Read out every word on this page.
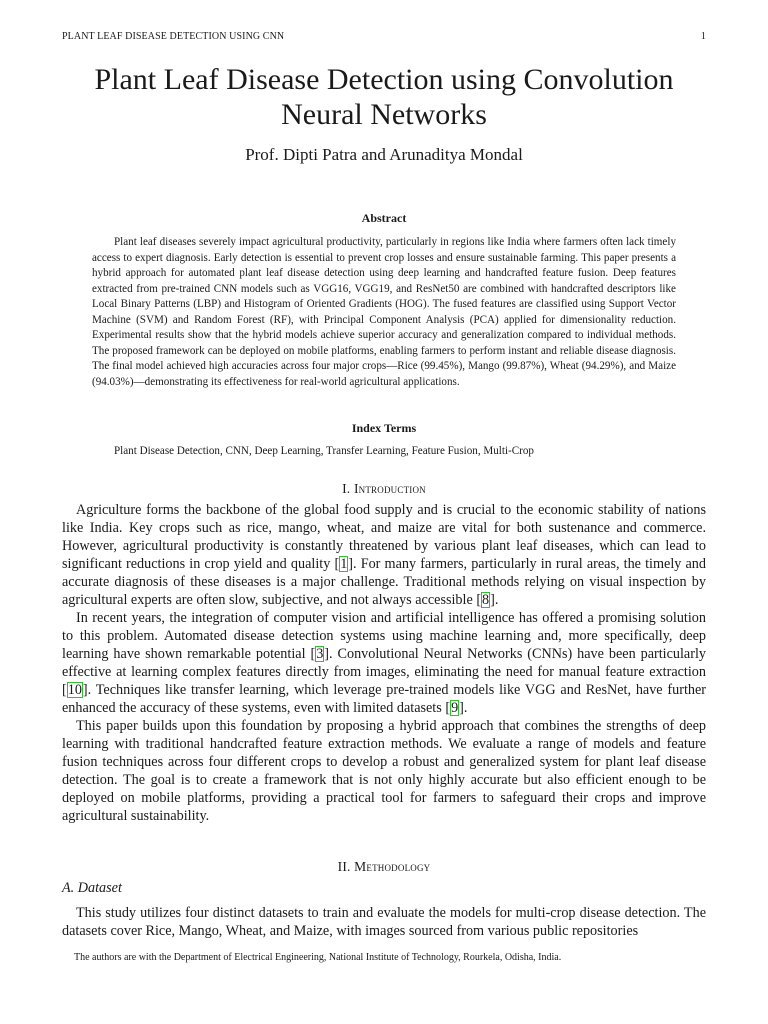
PLANT LEAF DISEASE DETECTION USING CNN	1
Plant Leaf Disease Detection using Convolution
Neural Networks
Prof. Dipti Patra and Arunaditya Mondal
Abstract
Plant leaf diseases severely impact agricultural productivity, particularly in regions like India where farmers often lack timely access to expert diagnosis. Early detection is essential to prevent crop losses and ensure sustainable farming. This paper presents a hybrid approach for automated plant leaf disease detection using deep learning and handcrafted feature fusion. Deep features extracted from pre-trained CNN models such as VGG16, VGG19, and ResNet50 are combined with handcrafted descriptors like Local Binary Patterns (LBP) and Histogram of Oriented Gradients (HOG). The fused features are classified using Support Vector Machine (SVM) and Random Forest (RF), with Principal Component Analysis (PCA) applied for dimensionality reduction. Experimental results show that the hybrid models achieve superior accuracy and generalization compared to individual methods. The proposed framework can be deployed on mobile platforms, enabling farmers to perform instant and reliable disease diagnosis. The final model achieved high accuracies across four major crops—Rice (99.45%), Mango (99.87%), Wheat (94.29%), and Maize (94.03%)—demonstrating its effectiveness for real-world agricultural applications.
Index Terms
Plant Disease Detection, CNN, Deep Learning, Transfer Learning, Feature Fusion, Multi-Crop
I. Introduction

Agriculture forms the backbone of the global food supply and is crucial to the economic stability of nations like India. Key crops such as rice, mango, wheat, and maize are vital for both sustenance and commerce. However, agricultural productivity is constantly threatened by various plant leaf diseases, which can lead to significant reductions in crop yield and quality [1]. For many farmers, particularly in rural areas, the timely and accurate diagnosis of these diseases is a major challenge. Traditional methods relying on visual inspection by agricultural experts are often slow, subjective, and not always accessible [8].

In recent years, the integration of computer vision and artificial intelligence has offered a promising solution to this problem. Automated disease detection systems using machine learning and, more specifically, deep learning have shown remarkable potential [3]. Convolutional Neural Networks (CNNs) have been particularly effective at learning complex features directly from images, eliminating the need for manual feature extraction [10]. Techniques like transfer learning, which leverage pre-trained models like VGG and ResNet, have further enhanced the accuracy of these systems, even with limited datasets [9].

This paper builds upon this foundation by proposing a hybrid approach that combines the strengths of deep learning with traditional handcrafted feature extraction methods. We evaluate a range of models and feature fusion techniques across four different crops to develop a robust and generalized system for plant leaf disease detection. The goal is to create a framework that is not only highly accurate but also efficient enough to be deployed on mobile platforms, providing a practical tool for farmers to safeguard their crops and improve agricultural sustainability.

II. Methodology
A. Dataset

This study utilizes four distinct datasets to train and evaluate the models for multi-crop disease detection. The datasets cover Rice, Mango, Wheat, and Maize, with images sourced from various public repositories

The authors are with the Department of Electrical Engineering, National Institute of Technology, Rourkela, Odisha, India.
